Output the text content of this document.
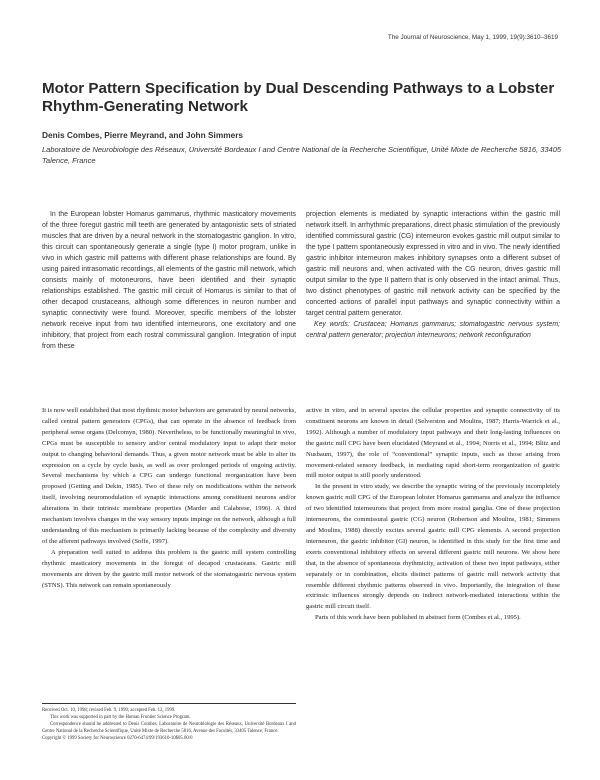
The Journal of Neuroscience, May 1, 1999, 19(9):3610–3619
Motor Pattern Specification by Dual Descending Pathways to a Lobster Rhythm-Generating Network
Denis Combes, Pierre Meyrand, and John Simmers
Laboratoire de Neurobiologie des Réseaux, Université Bordeaux I and Centre National de la Recherche Scientifique, Unité Mixte de Recherche 5816, 33405 Talence, France
In the European lobster Homarus gammarus, rhythmic masticatory movements of the three foregut gastric mill teeth are generated by antagonistic sets of striated muscles that are driven by a neural network in the stomatogastric ganglion. In vitro, this circuit can spontaneously generate a single (type I) motor program, unlike in vivo in which gastric mill patterns with different phase relationships are found. By using paired intrasomatic recordings, all elements of the gastric mill network, which consists mainly of motoneurons, have been identified and their synaptic relationships established. The gastric mill circuit of Homarus is similar to that of other decapod crustaceans, although some differences in neuron number and synaptic connectivity were found. Moreover, specific members of the lobster network receive input from two identified interneurons, one excitatory and one inhibitory, that project from each rostral commissural ganglion. Integration of input from these
projection elements is mediated by synaptic interactions within the gastric mill network itself. In arrhythmic preparations, direct phasic stimulation of the previously identified commissural gastric (CG) interneuron evokes gastric mill output similar to the type I pattern spontaneously expressed in vitro and in vivo. The newly identified gastric inhibitor interneuron makes inhibitory synapses onto a different subset of gastric mill neurons and, when activated with the CG neuron, drives gastric mill output similar to the type II pattern that is only observed in the intact animal. Thus, two distinct phenotypes of gastric mill network activity can be specified by the concerted actions of parallel input pathways and synaptic connectivity within a target central pattern generator.
Key words: Crustacea; Homarus gammarus; stomatogastric nervous system; central pattern generator; projection interneurons; network reconfiguration

It is now well established that most rhythmic motor behaviors are generated by neural networks, called central pattern generators (CPGs), that can operate in the absence of feedback from peripheral sense organs (Delcomyn, 1980). Nevertheless, to be functionally meaningful in vivo, CPGs must be susceptible to sensory and/or central modulatory input to adapt their motor output to changing behavioral demands. Thus, a given motor network must be able to alter its expression on a cycle by cycle basis, as well as over prolonged periods of ongoing activity. Several mechanisms by which a CPG can undergo functional reorganization have been proposed (Getting and Dekin, 1985). Two of these rely on modifications within the network itself, involving neuromodulation of synaptic interactions among constituent neurons and/or alterations in their intrinsic membrane properties (Marder and Calabrese, 1996). A third mechanism involves changes in the way sensory inputs impinge on the network, although a full understanding of this mechanism is primarily lacking because of the complexity and diversity of the afferent pathways involved (Soffe, 1997).

A preparation well suited to address this problem is the gastric mill system controlling rhythmic masticatory movements in the foregut of decapod crustaceans. Gastric mill movements are driven by the gastric mill motor network of the stomatogastric nervous system (STNS). This network can remain spontaneously

active in vitro, and in several species the cellular properties and synaptic connectivity of its constituent neurons are known in detail (Selverston and Moulins, 1987; Harris-Warrick et al., 1992). Although a number of modulatory input pathways and their long-lasting influences on the gastric mill CPG have been elucidated (Meyrand et al., 1994; Norris et al., 1994; Blitz and Nusbaum, 1997), the role of “conventional” synaptic inputs, such as those arising from movement-related sensory feedback, in mediating rapid short-term reorganization of gastric mill motor output is still poorly understood.

In the present in vitro study, we describe the synaptic wiring of the previously incompletely known gastric mill CPG of the European lobster Homarus gammarus and analyze the influence of two identified interneurons that project from more rostral ganglia. One of these projection interneurons, the commissural gastric (CG) neuron (Robertson and Moulins, 1981; Simmers and Moulins, 1988) directly excites several gastric mill CPG elements. A second projection interneuron, the gastric inhibitor (GI) neuron, is identified in this study for the first time and exerts conventional inhibitory effects on several different gastric mill neurons. We show here that, in the absence of spontaneous rhythmicity, activation of these two input pathways, either separately or in combination, elicits distinct patterns of gastric mill network activity that resemble different rhythmic patterns observed in vivo. Importantly, the integration of these extrinsic influences strongly depends on indirect network-mediated interactions within the gastric mill circuit itself.

Parts of this work have been published in abstract form (Combes et al., 1995).

Received Oct. 10, 1998; revised Feb. 9, 1999; accepted Feb. 12, 1999.
This work was supported in part by the Human Frontier Science Program.
Correspondence should be addressed to Denis Combes, Laboratoire de Neurobiologie des Réseaux, Université Bordeaux I and Centre National de la Recherche Scientifique, Unité Mixte de Recherche 5816, Avenue des Facultés, 33405 Talence, France.
Copyright © 1999 Society for Neuroscience 0270-6474/99/193610-10$05.00/0
